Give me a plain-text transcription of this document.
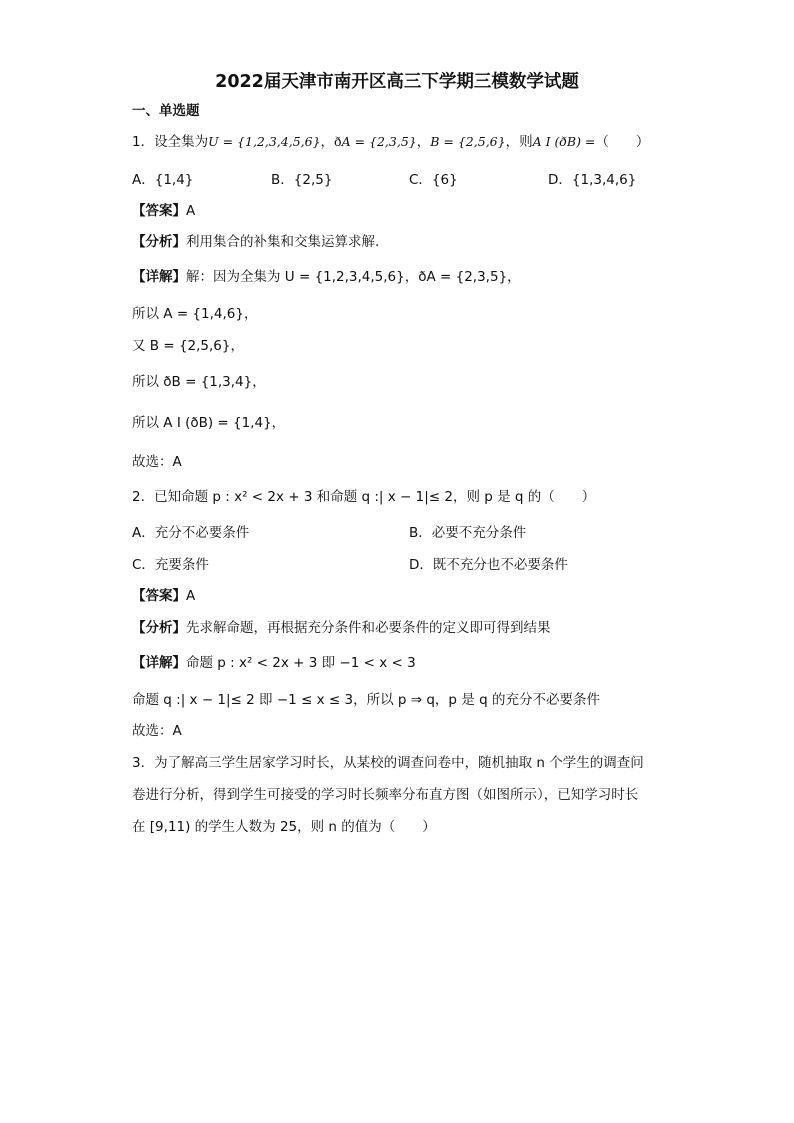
2022届天津市南开区高三下学期三模数学试题
一、单选题
1．设全集为U = {1,2,3,4,5,6}，ðA = {2,3,5}，B = {2,5,6}，则A I (ðB) =（　　）
A．{1,4}	B．{2,5}	C．{6}	D．{1,3,4,6}
【答案】A
【分析】利用集合的补集和交集运算求解.
【详解】解：因为全集为 U = {1,2,3,4,5,6}，ðA = {2,3,5}，
所以 A = {1,4,6}，
又 B = {2,5,6}，
所以 ðB = {1,3,4}，
所以 A I (ðB) = {1,4}，
故选：A
2．已知命题 p : x² < 2x + 3 和命题 q :| x − 1|≤ 2，则 p 是 q 的（　　）
A．充分不必要条件	B．必要不充分条件
C．充要条件	D．既不充分也不必要条件
【答案】A
【分析】先求解命题，再根据充分条件和必要条件的定义即可得到结果
【详解】命题 p : x² < 2x + 3 即 −1 < x < 3
命题 q :| x − 1|≤ 2 即 −1 ≤ x ≤ 3，所以 p ⇒ q，p 是 q 的充分不必要条件
故选：A
3．为了解高三学生居家学习时长，从某校的调查问卷中，随机抽取 n 个学生的调查问
卷进行分析，得到学生可接受的学习时长频率分布直方图（如图所示），已知学习时长
在 [9,11) 的学生人数为 25，则 n 的值为（　　）
